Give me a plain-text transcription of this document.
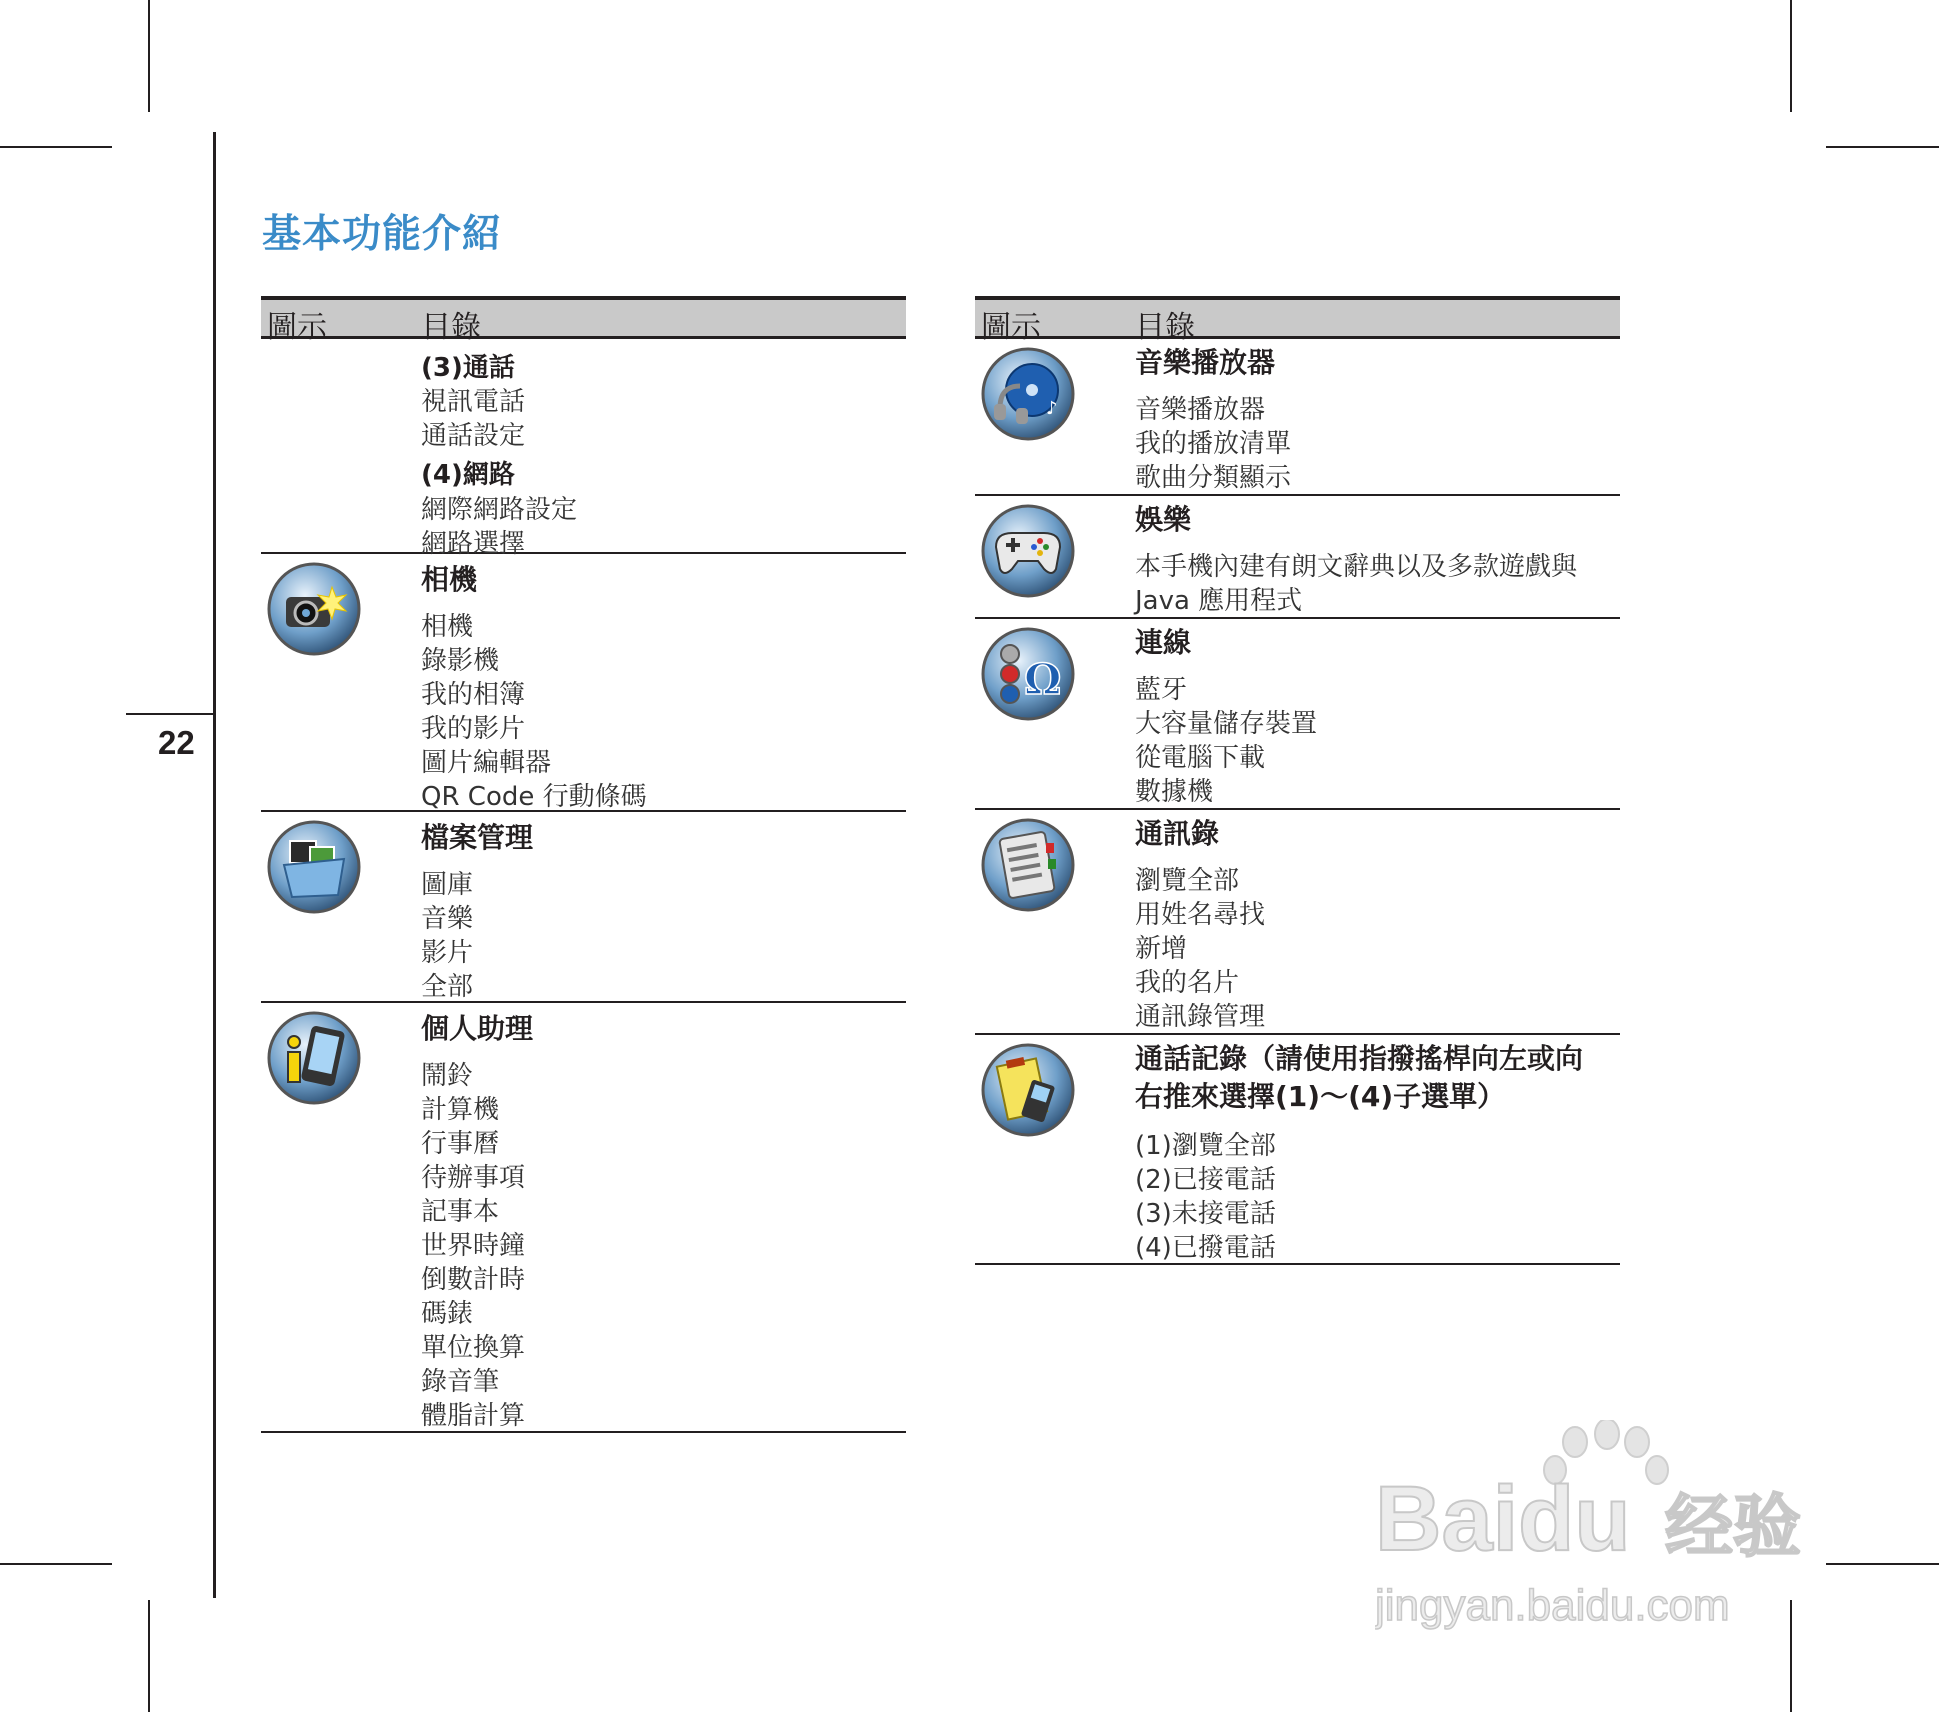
22
基本功能介紹
圖示	目錄
(3)通話
視訊電話
通話設定
(4)網路
網際網路設定
網路選擇
相機
相機
錄影機
我的相簿
我的影片
圖片編輯器
QR Code 行動條碼
檔案管理
圖庫
音樂
影片
全部
個人助理
鬧鈴
計算機
行事曆
待辦事項
記事本
世界時鐘
倒數計時
碼錶
單位換算
錄音筆
體脂計算
圖示	目錄
♪
音樂播放器
音樂播放器
我的播放清單
歌曲分類顯示
娛樂
本手機內建有朗文辭典以及多款遊戲與
Java 應用程式
Ω
連線
藍牙
大容量儲存裝置
從電腦下載
數據機
通訊錄
瀏覽全部
用姓名尋找
新增
我的名片
通訊錄管理
通話記錄（請使用指撥搖桿向左或向
右推來選擇(1)〜(4)子選單）
(1)瀏覽全部
(2)已接電話
(3)未接電話
(4)已撥電話
Baidu 经验
jingyan.baidu.com
